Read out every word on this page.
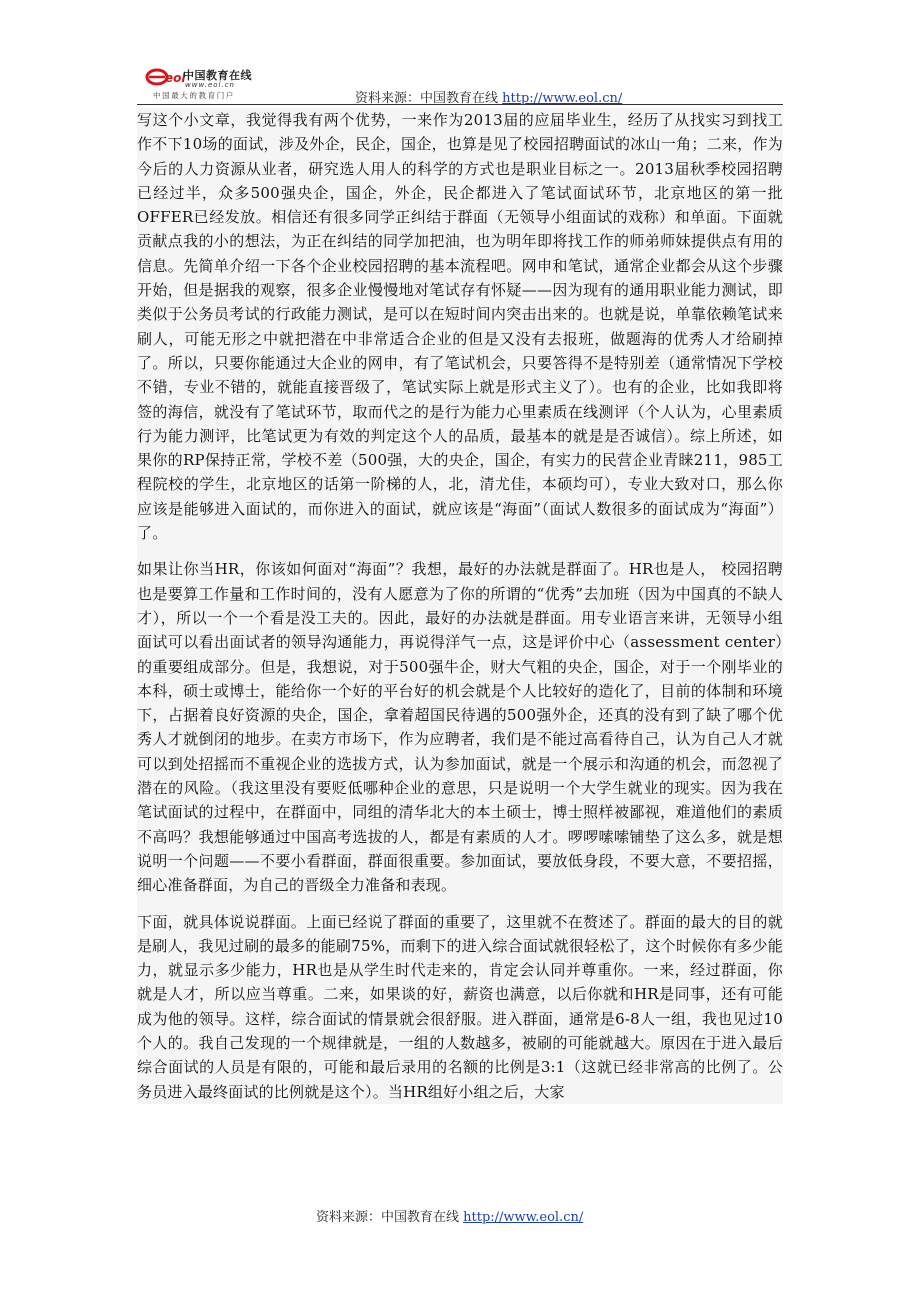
eol
中国教育在线
www.eol.cn
中国最大的教育门户	资料来源：中国教育在线 http://www.eol.cn/

写这个小文章，我觉得我有两个优势，一来作为2013届的应届毕业生，经历了从找实习到找工作不下10场的面试，涉及外企，民企，国企，也算是见了校园招聘面试的冰山一角；二来，作为今后的人力资源从业者，研究选人用人的科学的方式也是职业目标之一。2013届秋季校园招聘已经过半，众多500强央企，国企，外企，民企都进入了笔试面试环节，北京地区的第一批OFFER已经发放。相信还有很多同学正纠结于群面（无领导小组面试的戏称）和单面。下面就贡献点我的小的想法，为正在纠结的同学加把油，也为明年即将找工作的师弟师妹提供点有用的信息。先简单介绍一下各个企业校园招聘的基本流程吧。网申和笔试，通常企业都会从这个步骤开始，但是据我的观察，很多企业慢慢地对笔试存有怀疑——因为现有的通用职业能力测试，即类似于公务员考试的行政能力测试，是可以在短时间内突击出来的。也就是说，单靠依赖笔试来刷人，可能无形之中就把潜在中非常适合企业的但是又没有去报班，做题海的优秀人才给刷掉了。所以，只要你能通过大企业的网申，有了笔试机会，只要答得不是特别差（通常情况下学校不错，专业不错的，就能直接晋级了，笔试实际上就是形式主义了）。也有的企业，比如我即将签的海信，就没有了笔试环节，取而代之的是行为能力心里素质在线测评（个人认为，心里素质行为能力测评，比笔试更为有效的判定这个人的品质，最基本的就是是否诚信）。综上所述，如果你的RP保持正常，学校不差（500强，大的央企，国企，有实力的民营企业青睐211，985工程院校的学生，北京地区的话第一阶梯的人，北，清尤佳，本硕均可），专业大致对口，那么你应该是能够进入面试的，而你进入的面试，就应该是“海面”（面试人数很多的面试成为“海面”）了。

如果让你当HR，你该如何面对“海面”？我想，最好的办法就是群面了。HR也是人， 校园招聘也是要算工作量和工作时间的，没有人愿意为了你的所谓的“优秀”去加班（因为中国真的不缺人才），所以一个一个看是没工夫的。因此，最好的办法就是群面。用专业语言来讲，无领导小组面试可以看出面试者的领导沟通能力，再说得洋气一点，这是评价中心（assessment center）的重要组成部分。但是，我想说，对于500强牛企，财大气粗的央企，国企，对于一个刚毕业的本科，硕士或博士，能给你一个好的平台好的机会就是个人比较好的造化了，目前的体制和环境下，占据着良好资源的央企，国企，拿着超国民待遇的500强外企，还真的没有到了缺了哪个优秀人才就倒闭的地步。在卖方市场下，作为应聘者，我们是不能过高看待自己，认为自己人才就可以到处招摇而不重视企业的选拔方式，认为参加面试，就是一个展示和沟通的机会，而忽视了潜在的风险。（我这里没有要贬低哪种企业的意思，只是说明一个大学生就业的现实。因为我在笔试面试的过程中，在群面中，同组的清华北大的本土硕士，博士照样被鄙视，难道他们的素质不高吗？我想能够通过中国高考选拔的人，都是有素质的人才。啰啰嗦嗦铺垫了这么多，就是想说明一个问题——不要小看群面，群面很重要。参加面试，要放低身段，不要大意，不要招摇，细心准备群面，为自己的晋级全力准备和表现。

下面，就具体说说群面。上面已经说了群面的重要了，这里就不在赘述了。群面的最大的目的就是刷人，我见过刷的最多的能刷75%，而剩下的进入综合面试就很轻松了，这个时候你有多少能力，就显示多少能力，HR也是从学生时代走来的，肯定会认同并尊重你。一来，经过群面，你就是人才，所以应当尊重。二来，如果谈的好，薪资也满意，以后你就和HR是同事，还有可能成为他的领导。这样，综合面试的情景就会很舒服。进入群面，通常是6-8人一组，我也见过10个人的。我自己发现的一个规律就是，一组的人数越多，被刷的可能就越大。原因在于进入最后综合面试的人员是有限的，可能和最后录用的名额的比例是3:1（这就已经非常高的比例了。公务员进入最终面试的比例就是这个）。当HR组好小组之后，大家

资料来源：中国教育在线 http://www.eol.cn/
